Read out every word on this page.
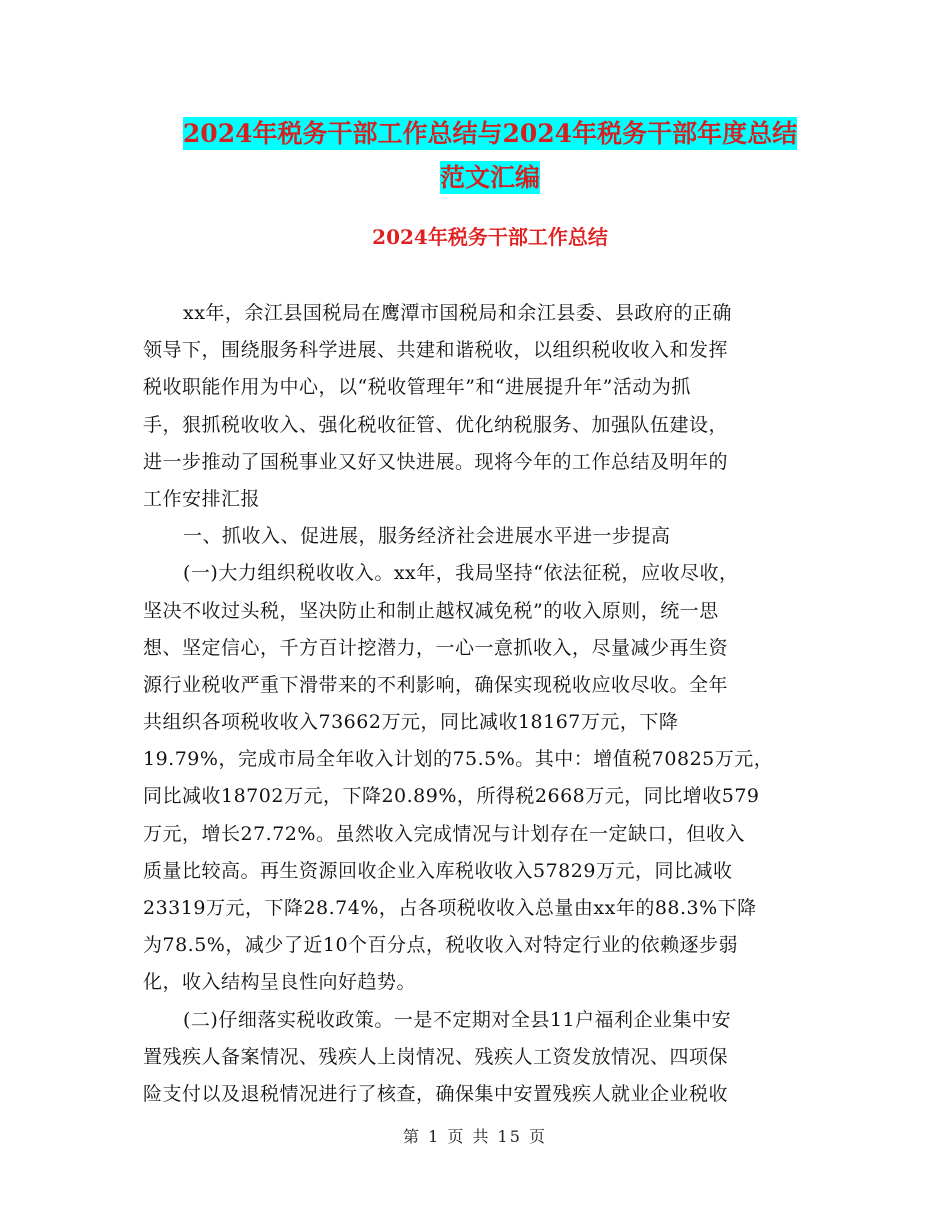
2024年税务干部工作总结与2024年税务干部年度总结
范文汇编
2024年税务干部工作总结
xx年，余江县国税局在鹰潭市国税局和余江县委、县政府的正确
领导下，围绕服务科学进展、共建和谐税收，以组织税收收入和发挥
税收职能作用为中心，以“税收管理年”和“进展提升年”活动为抓
手，狠抓税收收入、强化税收征管、优化纳税服务、加强队伍建设，
进一步推动了国税事业又好又快进展。现将今年的工作总结及明年的
工作安排汇报
一、抓收入、促进展，服务经济社会进展水平进一步提高
(一)大力组织税收收入。xx年，我局坚持“依法征税，应收尽收，
坚决不收过头税，坚决防止和制止越权减免税”的收入原则，统一思
想、坚定信心，千方百计挖潜力，一心一意抓收入，尽量减少再生资
源行业税收严重下滑带来的不利影响，确保实现税收应收尽收。全年
共组织各项税收收入73662万元，同比减收18167万元，下降
19.79%，完成市局全年收入计划的75.5%。其中：增值税70825万元，
同比减收18702万元，下降20.89%，所得税2668万元，同比增收579
万元，增长27.72%。虽然收入完成情况与计划存在一定缺口，但收入
质量比较高。再生资源回收企业入库税收收入57829万元，同比减收
23319万元，下降28.74%，占各项税收收入总量由xx年的88.3%下降
为78.5%，减少了近10个百分点，税收收入对特定行业的依赖逐步弱
化，收入结构呈良性向好趋势。
(二)仔细落实税收政策。一是不定期对全县11户福利企业集中安
置残疾人备案情况、残疾人上岗情况、残疾人工资发放情况、四项保
险支付以及退税情况进行了核查，确保集中安置残疾人就业企业税收
第 1 页 共 15 页
